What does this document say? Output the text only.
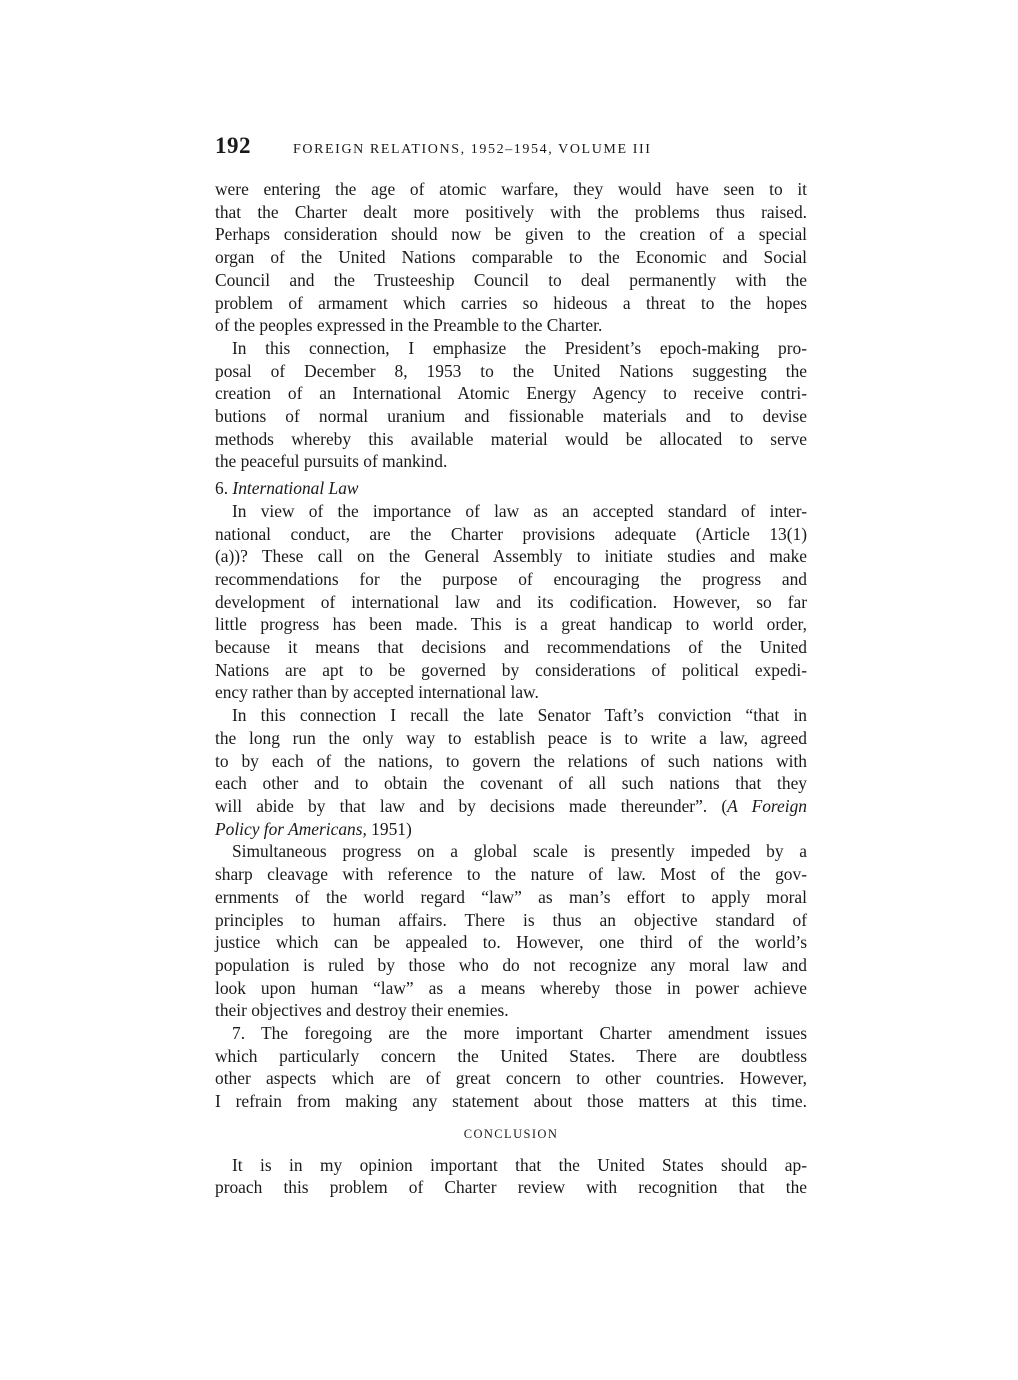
192	FOREIGN RELATIONS, 1952–1954, VOLUME III
were entering the age of atomic warfare, they would have seen to it
that the Charter dealt more positively with the problems thus raised.
Perhaps consideration should now be given to the creation of a special
organ of the United Nations comparable to the Economic and Social
Council and the Trusteeship Council to deal permanently with the
problem of armament which carries so hideous a threat to the hopes
of the peoples expressed in the Preamble to the Charter.
In this connection, I emphasize the President’s epoch-making pro-
posal of December 8, 1953 to the United Nations suggesting the
creation of an International Atomic Energy Agency to receive contri-
butions of normal uranium and fissionable materials and to devise
methods whereby this available material would be allocated to serve
the peaceful pursuits of mankind.
6. International Law
In view of the importance of law as an accepted standard of inter-
national conduct, are the Charter provisions adequate (Article 13(1)
(a))? These call on the General Assembly to initiate studies and make
recommendations for the purpose of encouraging the progress and
development of international law and its codification. However, so far
little progress has been made. This is a great handicap to world order,
because it means that decisions and recommendations of the United
Nations are apt to be governed by considerations of political expedi-
ency rather than by accepted international law.
In this connection I recall the late Senator Taft’s conviction “that in
the long run the only way to establish peace is to write a law, agreed
to by each of the nations, to govern the relations of such nations with
each other and to obtain the covenant of all such nations that they
will abide by that law and by decisions made thereunder”. (A Foreign
Policy for Americans, 1951)
Simultaneous progress on a global scale is presently impeded by a
sharp cleavage with reference to the nature of law. Most of the gov-
ernments of the world regard “law” as man’s effort to apply moral
principles to human affairs. There is thus an objective standard of
justice which can be appealed to. However, one third of the world’s
population is ruled by those who do not recognize any moral law and
look upon human “law” as a means whereby those in power achieve
their objectives and destroy their enemies.
7. The foregoing are the more important Charter amendment issues
which particularly concern the United States. There are doubtless
other aspects which are of great concern to other countries. However,
I refrain from making any statement about those matters at this time.
CONCLUSION
It is in my opinion important that the United States should ap-
proach this problem of Charter review with recognition that the
